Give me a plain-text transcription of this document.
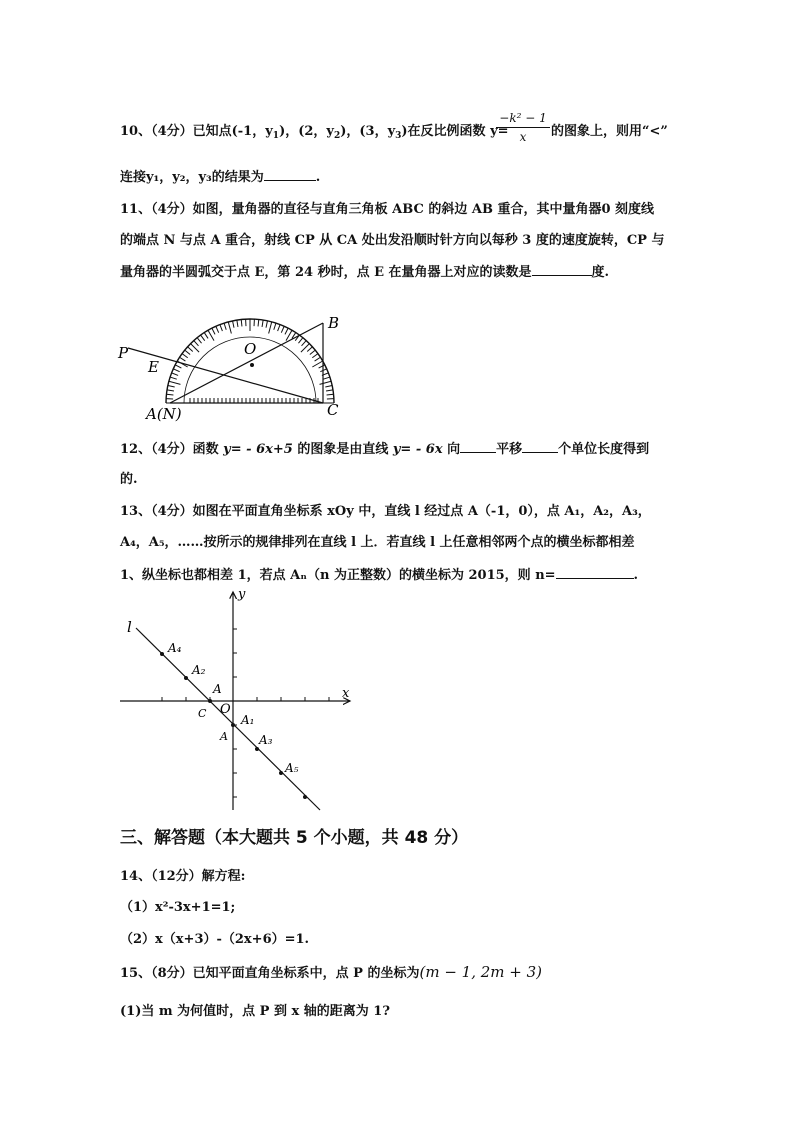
10、（4分）已知点(-1，$y_1$)，(2，$y_2$)，(3，$y_3$)在反比例函数 y=
$\frac{\text{−k² − 1}}{x}$ 的图象上，则用“<”
连接y₁，y₂，y₃的结果为	.
11、（4分）如图，量角器的直径与直角三角板 ABC 的斜边 AB 重合，其中量角器0 刻度线
的端点 N 与点 A 重合，射线 CP 从 CA 处出发沿顺时针方向以每秒 3 度的速度旋转，CP 与
量角器的半圆弧交于点 E，第 24 秒时，点 E 在量角器上对应的读数是	度.
P
E
O
B
A(N)	C
12、（4分）函数 y= - 6x+5 的图象是由直线 y= - 6x 向	平移	个单位长度得到
的.
13、（4分）如图在平面直角坐标系 xOy 中，直线 l 经过点 A（-1，0），点 A₁，A₂，A₃，
A₄，A₅，……按所示的规律排列在直线 l 上．若直线 l 上任意相邻两个点的横坐标都相差
1、纵坐标也都相差 1，若点 Aₙ（n 为正整数）的横坐标为 2015，则 n=	.
y
x
l
A₄
A₂
A
C O
A₁
A	A₃
A₅
三、解答题（本大题共 5 个小题，共 48 分）
14、（12分）解方程:
（1）x²-3x+1=1;
（2）x（x+3）-（2x+6）=1.
15、（8分）已知平面直角坐标系中，点 P 的坐标为(m − 1, 2m + 3)
(1)当 m 为何值时，点 P 到 x 轴的距离为 1?
